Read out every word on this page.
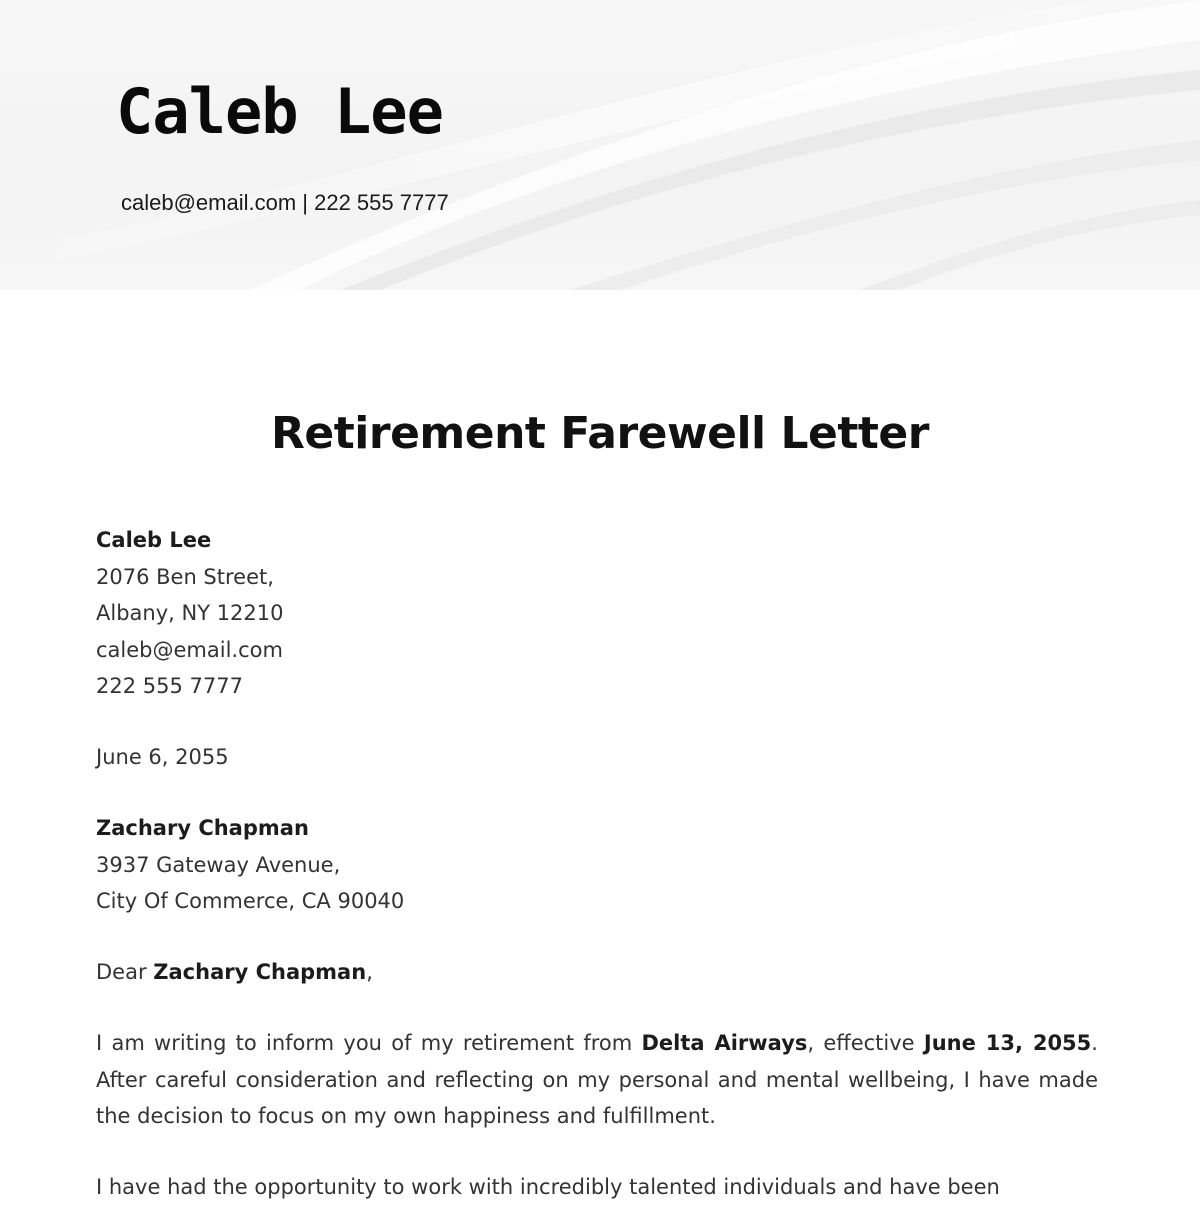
Caleb Lee
caleb@email.com | 222 555 7777
Retirement Farewell Letter
Caleb Lee
2076 Ben Street,
Albany, NY 12210
caleb@email.com
222 555 7777
June 6, 2055
Zachary Chapman
3937 Gateway Avenue,
City Of Commerce, CA 90040
Dear Zachary Chapman,

I am writing to inform you of my retirement from Delta Airways, effective June 13, 2055. After careful consideration and reflecting on my personal and mental wellbeing, I have made the decision to focus on my own happiness and fulfillment.

I have had the opportunity to work with incredibly talented individuals and have been
